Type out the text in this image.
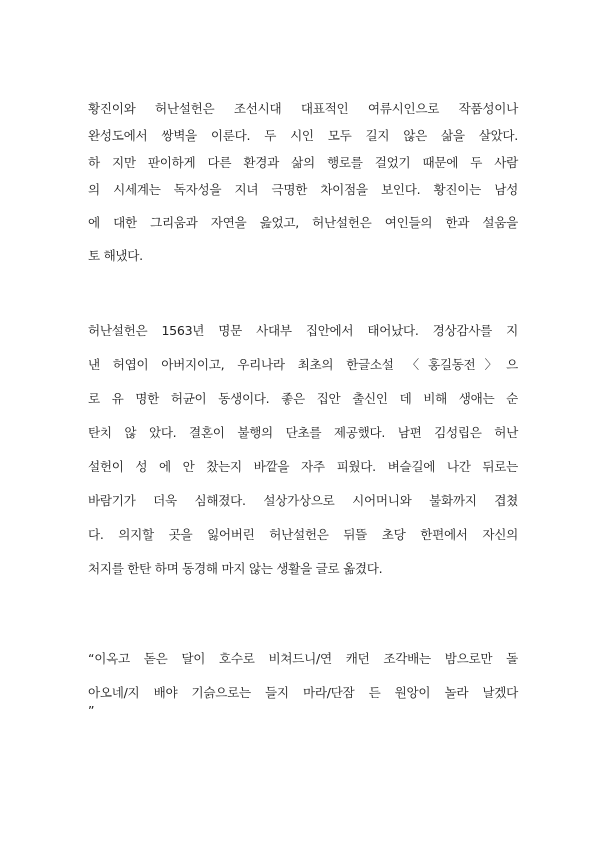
황진이와 허난설헌은 조선시대 대표적인 여류시인으로 작품성이나
완성도에서 쌍벽을 이룬다. 두 시인 모두 길지 않은 삶을 살았다.
하 지만 판이하게 다른 환경과 삶의 행로를 걸었기 때문에 두 사람
의 시세계는 독자성을 지녀 극명한 차이점을 보인다. 황진이는 남성
에 대한 그리움과 자연을 읊었고, 허난설헌은 여인들의 한과 설움을
토 해냈다.
허난설헌은 1563년 명문 사대부 집안에서 태어났다. 경상감사를 지
낸 허엽이 아버지이고, 우리나라 최초의 한글소설 〈홍길동전〉으
로 유 명한 허균이 동생이다. 좋은 집안 출신인 데 비해 생애는 순
탄치 않 았다. 결혼이 불행의 단초를 제공했다. 남편 김성립은 허난
설헌이 성 에 안 찼는지 바깥을 자주 피웠다. 벼슬길에 나간 뒤로는
바람기가 더욱 심해졌다. 설상가상으로 시어머니와 불화까지 겹쳤
다. 의지할 곳을 잃어버린 허난설헌은 뒤뜰 초당 한편에서 자신의
처지를 한탄 하며 동경해 마지 않는 생활을 글로 옮겼다.
“이옥고 돋은 달이 호수로 비쳐드니/연 캐던 조각배는 밤으로만 돌
아오네/지 배야 기슭으로는 들지 마라/단잠 든 원앙이 놀라 날겠다
”
